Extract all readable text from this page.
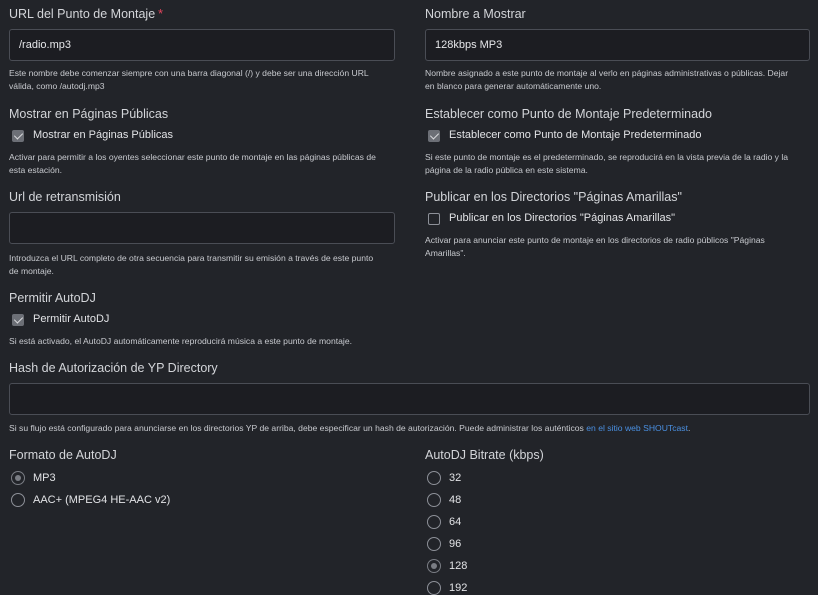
URL del Punto de Montaje *
/radio.mp3
Este nombre debe comenzar siempre con una barra diagonal (/) y debe ser una dirección URL
válida, como /autodj.mp3
Nombre a Mostrar
128kbps MP3
Nombre asignado a este punto de montaje al verlo en páginas administrativas o públicas. Dejar
en blanco para generar automáticamente uno.
Mostrar en Páginas Públicas
Mostrar en Páginas Públicas
Activar para permitir a los oyentes seleccionar este punto de montaje en las páginas públicas de
esta estación.
Establecer como Punto de Montaje Predeterminado
Establecer como Punto de Montaje Predeterminado
Si este punto de montaje es el predeterminado, se reproducirá en la vista previa de la radio y la
página de la radio pública en este sistema.
Url de retransmisión
Introduzca el URL completo de otra secuencia para transmitir su emisión a través de este punto
de montaje.
Publicar en los Directorios "Páginas Amarillas"
Publicar en los Directorios "Páginas Amarillas"
Activar para anunciar este punto de montaje en los directorios de radio públicos "Páginas
Amarillas".
Permitir AutoDJ
Permitir AutoDJ
Si está activado, el AutoDJ automáticamente reproducirá música a este punto de montaje.
Hash de Autorización de YP Directory
Si su flujo está configurado para anunciarse en los directorios YP de arriba, debe especificar un hash de autorización. Puede administrar los auténticos en el sitio web SHOUTcast.
Formato de AutoDJ
MP3
AAC+ (MPEG4 HE-AAC v2)
AutoDJ Bitrate (kbps)
32
48
64
96
128
192
